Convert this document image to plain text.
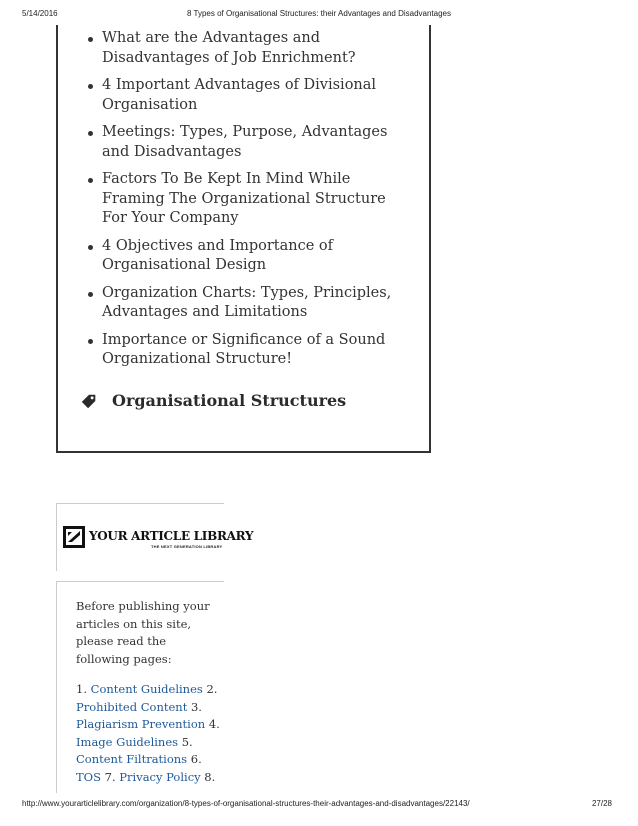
5/14/2016	8 Types of Organisational Structures: their Advantages and Disadvantages
What are the Advantages and Disadvantages of Job Enrichment?
4 Important Advantages of Divisional Organisation
Meetings: Types, Purpose, Advantages and Disadvantages
Factors To Be Kept In Mind While Framing The Organizational Structure For Your Company
4 Objectives and Importance of Organisational Design
Organization Charts: Types, Principles, Advantages and Limitations
Importance or Significance of a Sound Organizational Structure!
Organisational Structures
YOUR ARTICLE LIBRARY
THE NEXT GENERATION LIBRARY

Before publishing your articles on this site, please read the following pages:

1. Content Guidelines 2. Prohibited Content 3. Plagiarism Prevention 4. Image Guidelines 5. Content Filtrations 6. TOS 7. Privacy Policy 8.

http://www.yourarticlelibrary.com/organization/8-types-of-organisational-structures-their-advantages-and-disadvantages/22143/	27/28
